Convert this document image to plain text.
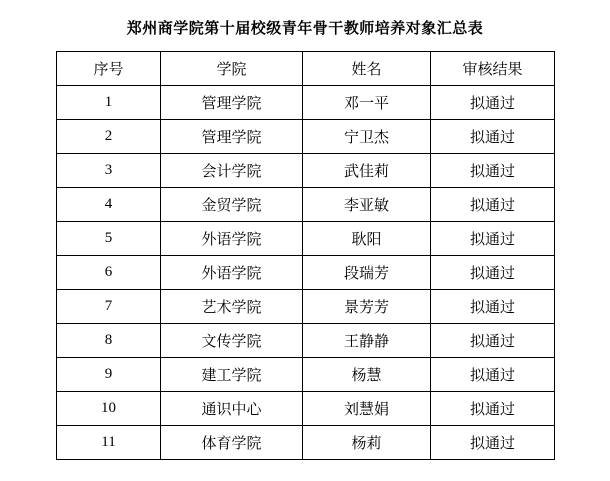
郑州商学院第十届校级青年骨干教师培养对象汇总表
序号	学院	姓名	审核结果
1	管理学院	邓一平	拟通过
2	管理学院	宁卫杰	拟通过
3	会计学院	武佳莉	拟通过
4	金贸学院	李亚敏	拟通过
5	外语学院	耿阳	拟通过
6	外语学院	段瑞芳	拟通过
7	艺术学院	景芳芳	拟通过
8	文传学院	王静静	拟通过
9	建工学院	杨慧	拟通过
10	通识中心	刘慧娟	拟通过
11	体育学院	杨莉	拟通过
